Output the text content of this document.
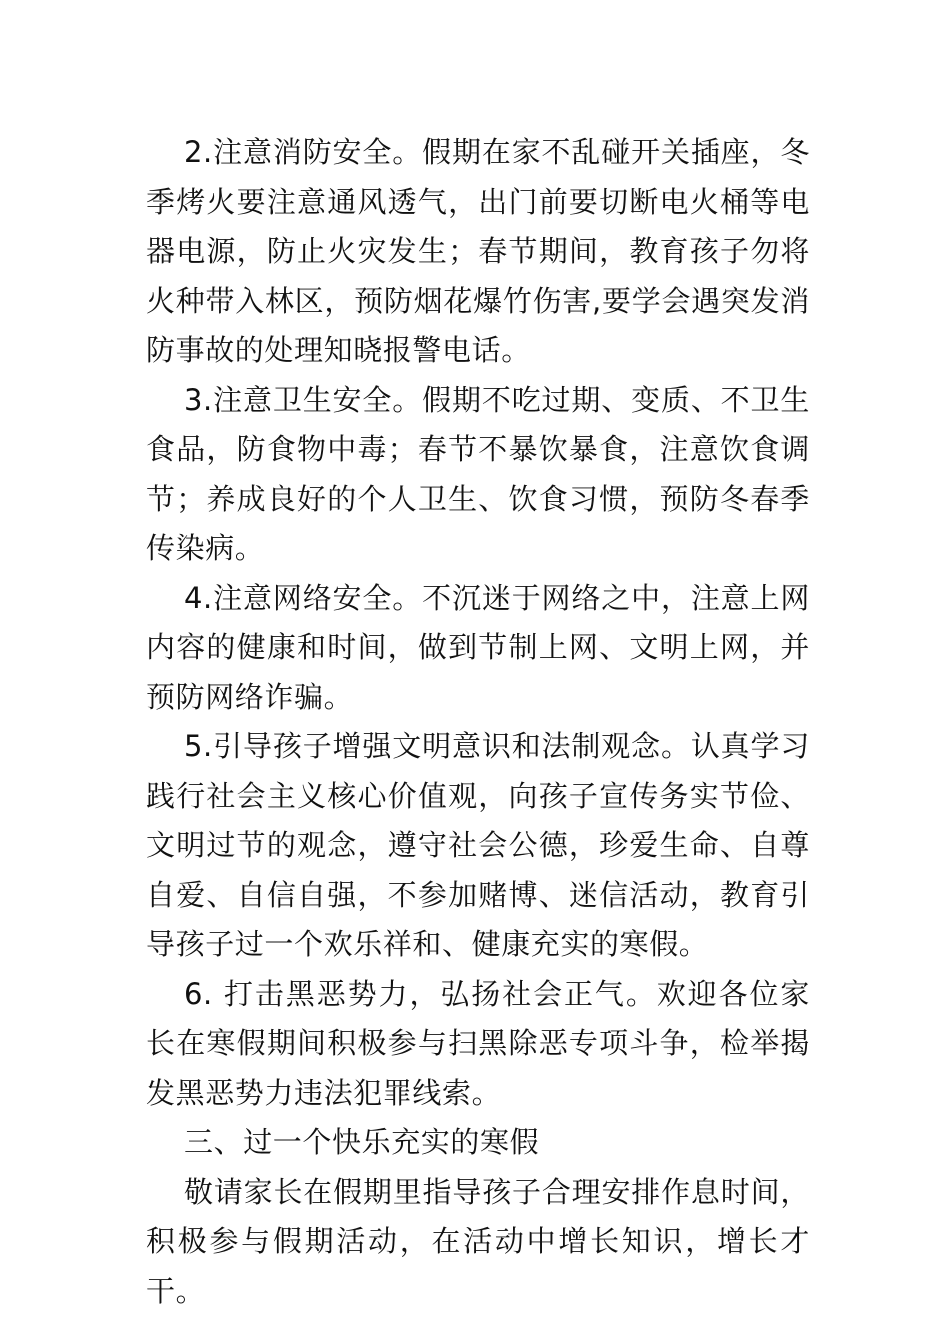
2.注意消防安全。假期在家不乱碰开关插座，冬季烤火要注意通风透气，出门前要切断电火桶等电器电源，防止火灾发生；春节期间，教育孩子勿将火种带入林区，预防烟花爆竹伤害,要学会遇突发消防事故的处理知晓报警电话。

3.注意卫生安全。假期不吃过期、变质、不卫生食品，防食物中毒；春节不暴饮暴食，注意饮食调节；养成良好的个人卫生、饮食习惯，预防冬春季传染病。

4.注意网络安全。不沉迷于网络之中，注意上网内容的健康和时间，做到节制上网、文明上网，并预防网络诈骗。

5.引导孩子增强文明意识和法制观念。认真学习践行社会主义核心价值观，向孩子宣传务实节俭、文明过节的观念，遵守社会公德，珍爱生命、自尊自爱、自信自强，不参加赌博、迷信活动，教育引导孩子过一个欢乐祥和、健康充实的寒假。

6. 打击黑恶势力，弘扬社会正气。欢迎各位家长在寒假期间积极参与扫黑除恶专项斗争，检举揭发黑恶势力违法犯罪线索。

三、过一个快乐充实的寒假

敬请家长在假期里指导孩子合理安排作息时间，积极参与假期活动，在活动中增长知识，增长才干。
